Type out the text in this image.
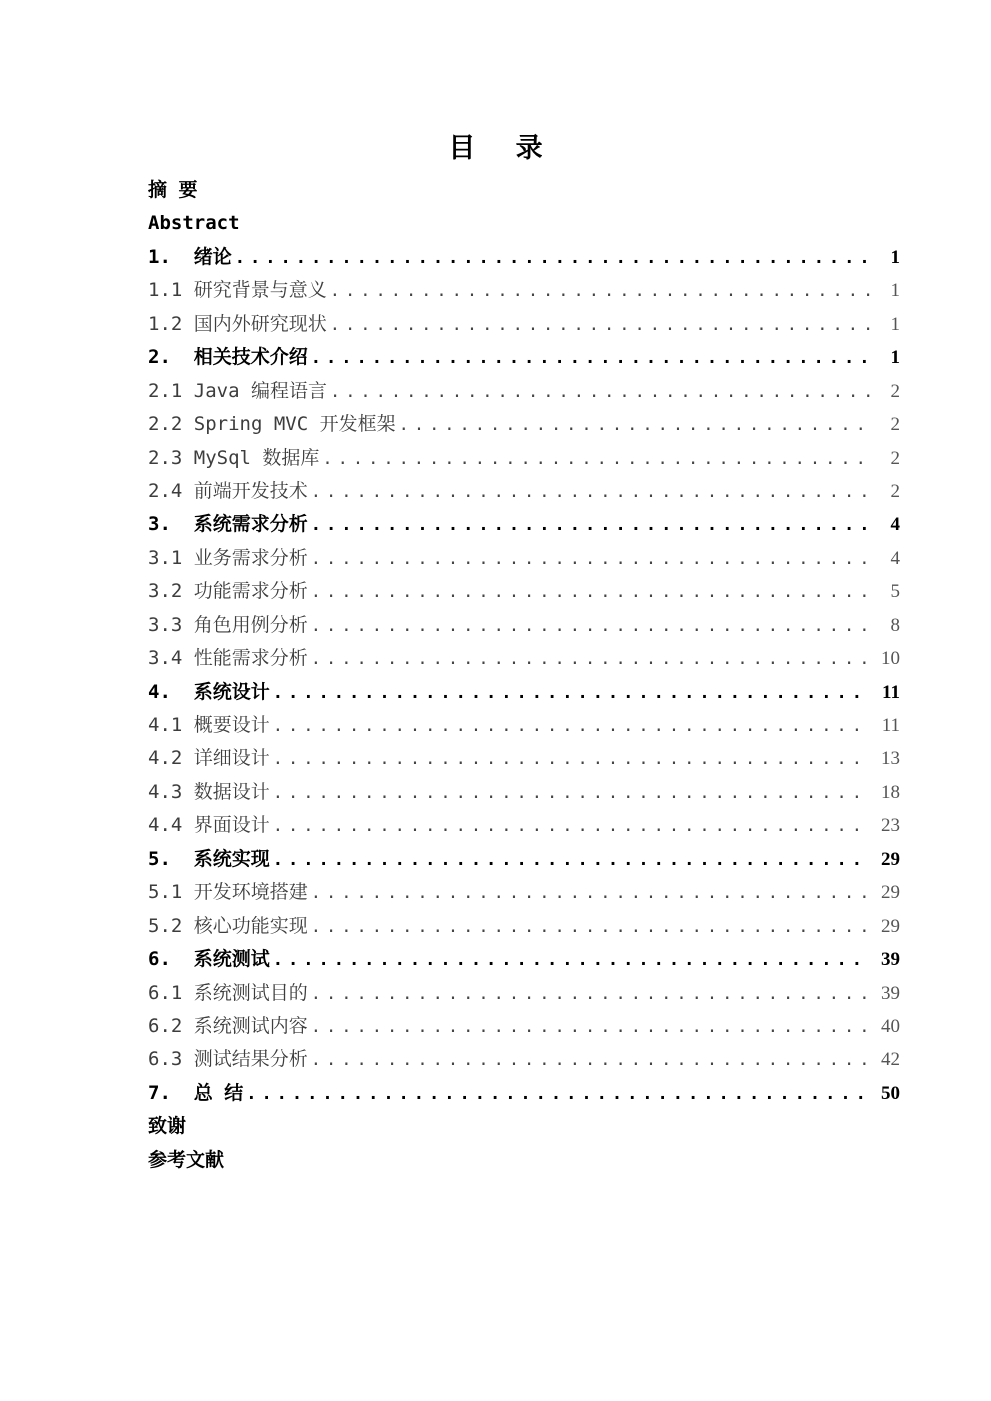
目 录
摘 要
Abstract
1.  绪论 .....	1
1.1 研究背景与意义 .....	1
1.2 国内外研究现状 .....	1
2.  相关技术介绍 .....	1
2.1 Java 编程语言 .....	2
2.2 Spring MVC 开发框架 .....	2
2.3 MySql 数据库 .....	2
2.4 前端开发技术 .....	2
3.  系统需求分析 .....	4
3.1 业务需求分析 .....	4
3.2 功能需求分析 .....	5
3.3 角色用例分析 .....	8
3.4 性能需求分析 .....	10
4.  系统设计 .....	11
4.1 概要设计 .....	11
4.2 详细设计 .....	13
4.3 数据设计 .....	18
4.4 界面设计 .....	23
5.  系统实现 .....	29
5.1 开发环境搭建 .....	29
5.2 核心功能实现 .....	29
6.  系统测试 .....	39
6.1 系统测试目的 .....	39
6.2 系统测试内容 .....	40
6.3 测试结果分析 .....	42
7.  总 结 .....	50
致谢
参考文献
